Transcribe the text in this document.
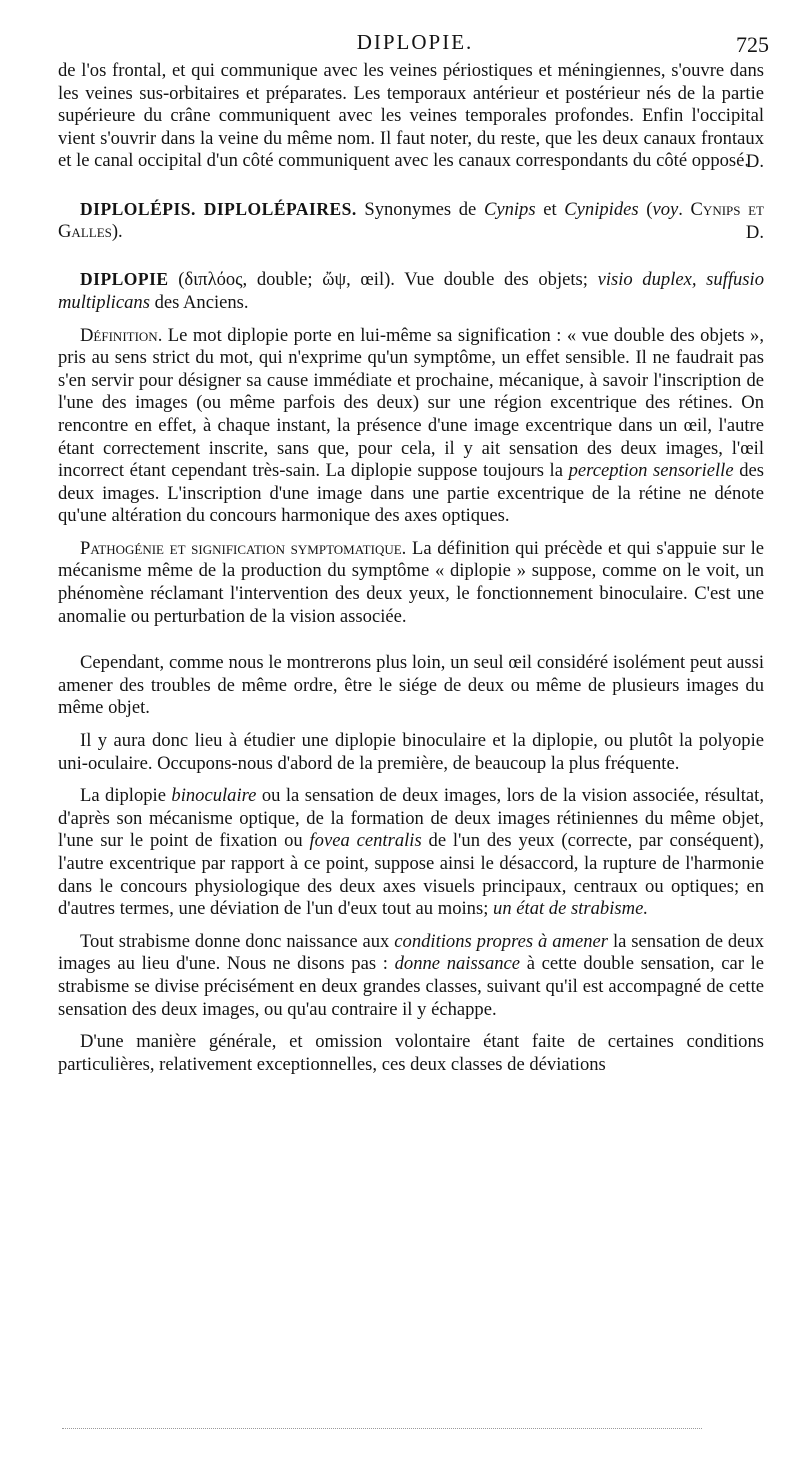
DIPLOPIE.	725

de l'os frontal, et qui communique avec les veines périostiques et méningiennes, s'ouvre dans les veines sus-orbitaires et préparates. Les temporaux antérieur et postérieur nés de la partie supérieure du crâne communiquent avec les veines temporales profondes. Enfin l'occipital vient s'ouvrir dans la veine du même nom. Il faut noter, du reste, que les deux canaux frontaux et le canal occipital d'un côté communiquent avec les canaux correspondants du côté opposé.

D.

DIPLOLÉPIS. DIPLOLÉPAIRES. Synonymes de Cynips et Cynipides (voy. Cynips et Galles).	D.

DIPLOPIE (διπλόος, double; ὤψ, œil). Vue double des objets; visio duplex, suffusio multiplicans des Anciens.

Définition. Le mot diplopie porte en lui-même sa signification : « vue double des objets », pris au sens strict du mot, qui n'exprime qu'un symptôme, un effet sensible. Il ne faudrait pas s'en servir pour désigner sa cause immédiate et prochaine, mécanique, à savoir l'inscription de l'une des images (ou même parfois des deux) sur une région excentrique des rétines. On rencontre en effet, à chaque instant, la présence d'une image excentrique dans un œil, l'autre étant correctement inscrite, sans que, pour cela, il y ait sensation des deux images, l'œil incorrect étant cependant très-sain. La diplopie suppose toujours la perception sensorielle des deux images. L'inscription d'une image dans une partie excentrique de la rétine ne dénote qu'une altération du concours harmonique des axes optiques.

Pathogénie et signification symptomatique. La définition qui précède et qui s'appuie sur le mécanisme même de la production du symptôme « diplopie » suppose, comme on le voit, un phénomène réclamant l'intervention des deux yeux, le fonctionnement binoculaire. C'est une anomalie ou perturbation de la vision associée.

Cependant, comme nous le montrerons plus loin, un seul œil considéré isolément peut aussi amener des troubles de même ordre, être le siége de deux ou même de plusieurs images du même objet.

Il y aura donc lieu à étudier une diplopie binoculaire et la diplopie, ou plutôt la polyopie uni-oculaire. Occupons-nous d'abord de la première, de beaucoup la plus fréquente.

La diplopie binoculaire ou la sensation de deux images, lors de la vision associée, résultat, d'après son mécanisme optique, de la formation de deux images rétiniennes du même objet, l'une sur le point de fixation ou fovea centralis de l'un des yeux (correcte, par conséquent), l'autre excentrique par rapport à ce point, suppose ainsi le désaccord, la rupture de l'harmonie dans le concours physiologique des deux axes visuels principaux, centraux ou optiques; en d'autres termes, une déviation de l'un d'eux tout au moins; un état de strabisme.

Tout strabisme donne donc naissance aux conditions propres à amener la sensation de deux images au lieu d'une. Nous ne disons pas : donne naissance à cette double sensation, car le strabisme se divise précisément en deux grandes classes, suivant qu'il est accompagné de cette sensation des deux images, ou qu'au contraire il y échappe.

D'une manière générale, et omission volontaire étant faite de certaines conditions particulières, relativement exceptionnelles, ces deux classes de déviations
